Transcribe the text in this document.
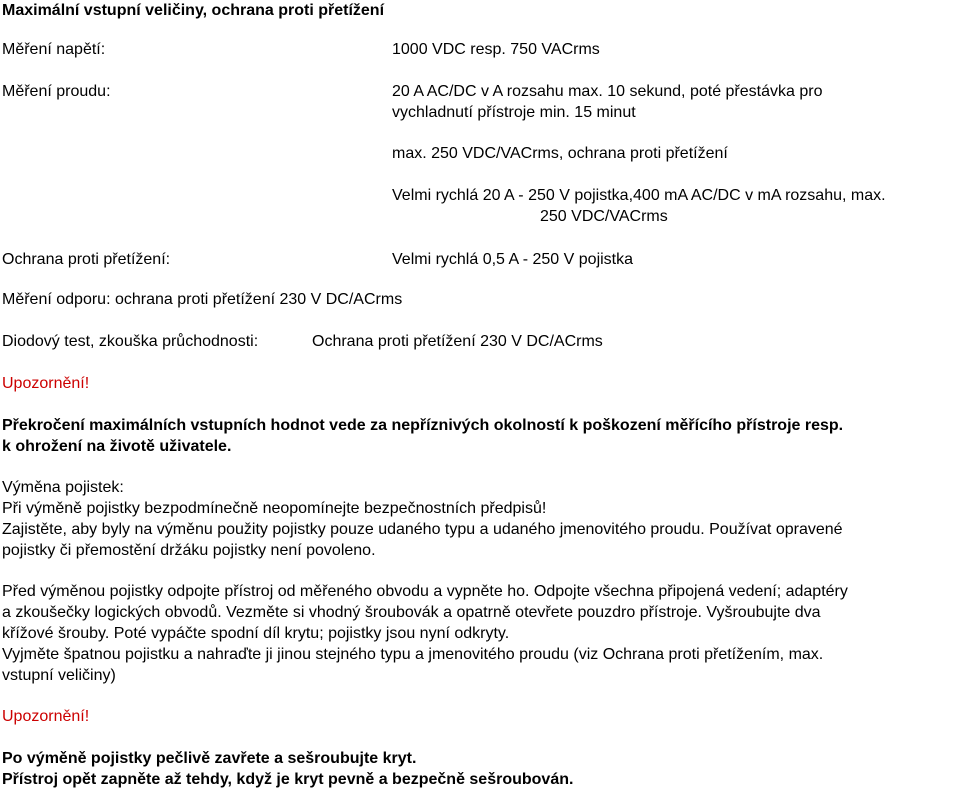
Maximální vstupní veličiny, ochrana proti přetížení
Měření napětí:	1000 VDC resp. 750 VACrms
Měření proudu:	20 A AC/DC v A rozsahu max. 10 sekund, poté přestávka pro
vychladnutí přístroje min. 15 minut
max. 250 VDC/VACrms, ochrana proti přetížení
Velmi rychlá 20 A - 250 V pojistka,400 mA AC/DC v mA rozsahu, max.
250 VDC/VACrms
Ochrana proti přetížení:	Velmi rychlá 0,5 A - 250 V pojistka
Měření odporu: ochrana proti přetížení 230 V DC/ACrms
Diodový test, zkouška průchodnosti:	Ochrana proti přetížení 230 V DC/ACrms
Upozornění!
Překročení maximálních vstupních hodnot vede za nepříznivých okolností k poškození měřícího přístroje resp.
k ohrožení na životě uživatele.
Výměna pojistek:
Při výměně pojistky bezpodmínečně neopomínejte bezpečnostních předpisů!
Zajistěte, aby byly na výměnu použity pojistky pouze udaného typu a udaného jmenovitého proudu. Používat opravené
pojistky či přemostění držáku pojistky není povoleno.
Před výměnou pojistky odpojte přístroj od měřeného obvodu a vypněte ho. Odpojte všechna připojená vedení; adaptéry
a zkoušečky logických obvodů. Vezměte si vhodný šroubovák a opatrně otevřete pouzdro přístroje. Vyšroubujte dva
křížové šrouby. Poté vypáčte spodní díl krytu; pojistky jsou nyní odkryty.
Vyjměte špatnou pojistku a nahraďte ji jinou stejného typu a jmenovitého proudu (viz Ochrana proti přetížením, max.
vstupní veličiny)
Upozornění!
Po výměně pojistky pečlivě zavřete a sešroubujte kryt.
Přístroj opět zapněte až tehdy, když je kryt pevně a bezpečně sešroubován.
